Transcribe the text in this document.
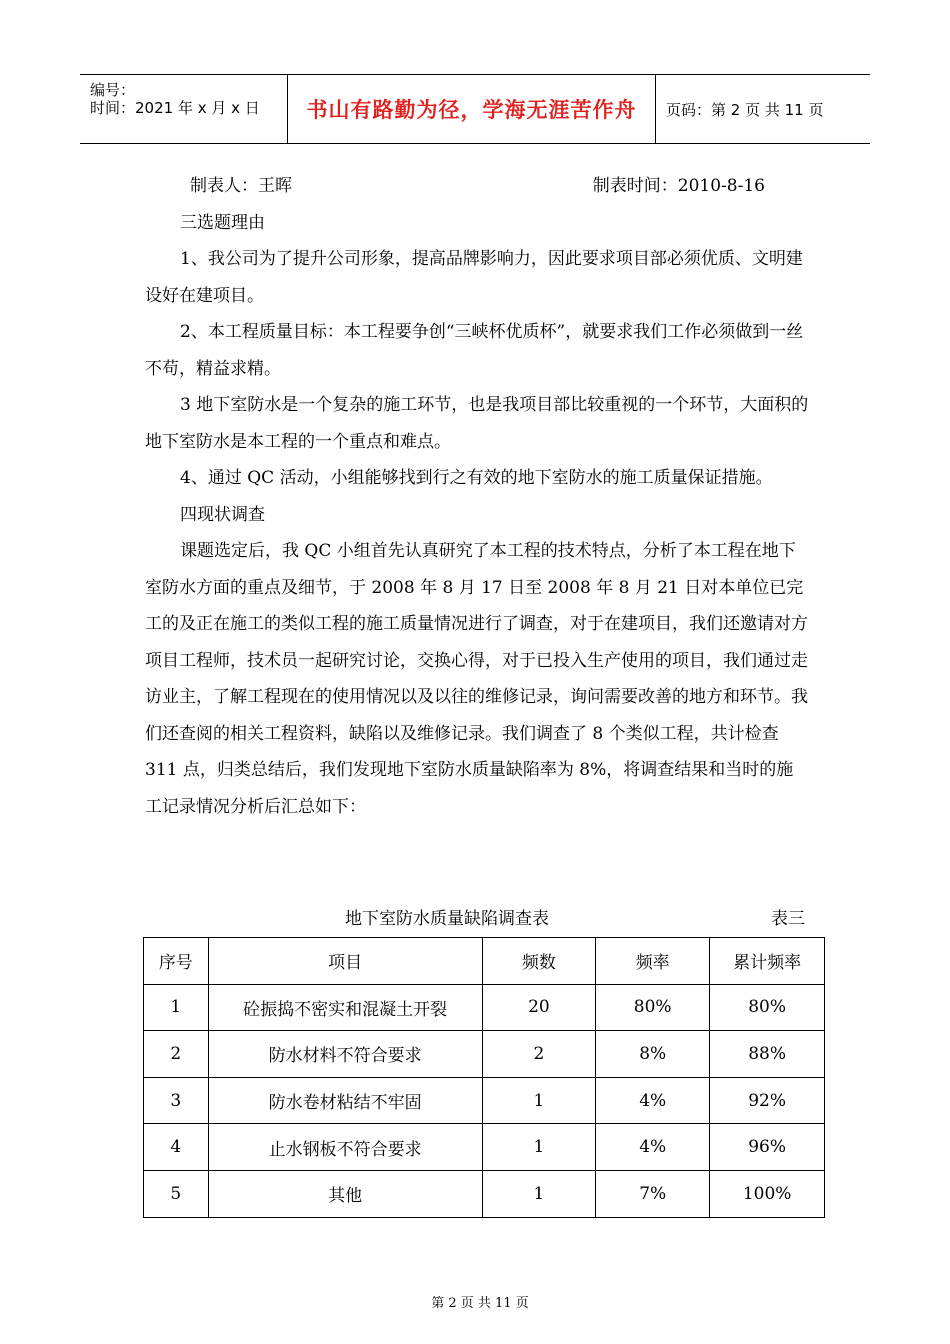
编号：
时间：2021 年 x 月 x 日	书山有路勤为径，学海无涯苦作舟	页码：第 2 页 共 11 页
制表人：王晖	制表时间：2010-8-16

三选题理由

1、我公司为了提升公司形象，提高品牌影响力，因此要求项目部必须优质、文明建设好在建项目。

2、本工程质量目标：本工程要争创“三峡杯优质杯”，就要求我们工作必须做到一丝不苟，精益求精。

3 地下室防水是一个复杂的施工环节，也是我项目部比较重视的一个环节，大面积的地下室防水是本工程的一个重点和难点。

4、通过 QC 活动，小组能够找到行之有效的地下室防水的施工质量保证措施。

四现状调查

课题选定后，我 QC 小组首先认真研究了本工程的技术特点，分析了本工程在地下室防水方面的重点及细节，于 2008 年 8 月 17 日至 2008 年 8 月 21 日对本单位已完工的及正在施工的类似工程的施工质量情况进行了调查，对于在建项目，我们还邀请对方项目工程师，技术员一起研究讨论，交换心得，对于已投入生产使用的项目，我们通过走访业主，了解工程现在的使用情况以及以往的维修记录，询问需要改善的地方和环节。我们还查阅的相关工程资料，缺陷以及维修记录。我们调查了 8 个类似工程，共计检查 311 点，归类总结后，我们发现地下室防水质量缺陷率为 8%，将调查结果和当时的施工记录情况分析后汇总如下：

地下室防水质量缺陷调查表	表三
序号	项目	频数	频率	累计频率
1	砼振捣不密实和混凝土开裂	20	80%	80%
2	防水材料不符合要求	2	8%	88%
3	防水卷材粘结不牢固	1	4%	92%
4	止水钢板不符合要求	1	4%	96%
5	其他	1	7%	100%
第 2 页 共 11 页
